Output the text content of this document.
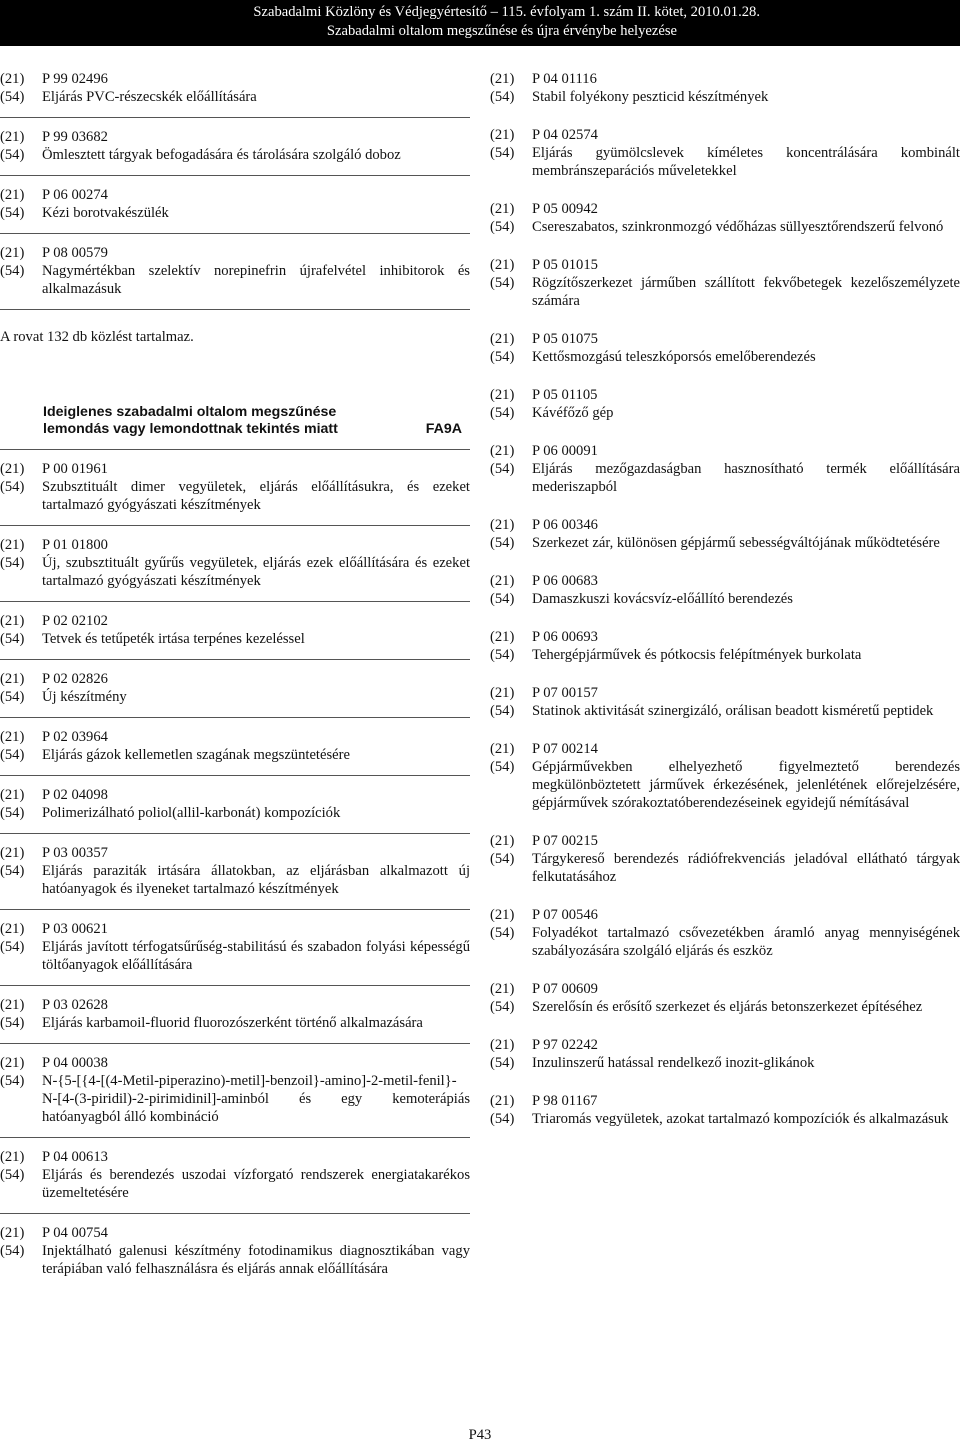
Szabadalmi Közlöny és Védjegyértesítő – 115. évfolyam 1. szám II. kötet, 2010.01.28.
Szabadalmi oltalom megszűnése és újra érvénybe helyezése
(21)	P 99 02496
(54)	Eljárás PVC-részecskék előállítására
(21)	P 99 03682
(54)	Ömlesztett tárgyak befogadására és tárolására szolgáló doboz
(21)	P 06 00274
(54)	Kézi borotvakészülék
(21)	P 08 00579
(54)	Nagymértékban szelektív norepinefrin újrafelvétel inhibitorok és alkalmazásuk
A rovat 132 db közlést tartalmaz.
Ideiglenes szabadalmi oltalom megszűnése
lemondás vagy lemondottnak tekintés miatt	FA9A
(21)	P 00 01961
(54)	Szubsztituált dimer vegyületek, eljárás előállításukra, és ezeket tartalmazó gyógyászati készítmények
(21)	P 01 01800
(54)	Új, szubsztituált gyűrűs vegyületek, eljárás ezek előállítására és ezeket tartalmazó gyógyászati készítmények
(21)	P 02 02102
(54)	Tetvek és tetűpeték irtása terpénes kezeléssel
(21)	P 02 02826
(54)	Új készítmény
(21)	P 02 03964
(54)	Eljárás gázok kellemetlen szagának megszüntetésére
(21)	P 02 04098
(54)	Polimerizálható poliol(allil-karbonát) kompozíciók
(21)	P 03 00357
(54)	Eljárás paraziták irtására állatokban, az eljárásban alkalmazott új hatóanyagok és ilyeneket tartalmazó készítmények
(21)	P 03 00621
(54)	Eljárás javított térfogatsűrűség-stabilitású és szabadon folyási képességű töltőanyagok előállítására
(21)	P 03 02628
(54)	Eljárás karbamoil-fluorid fluorozószerként történő alkalmazására
(21)	P 04 00038
(54)	N-{5-[{4-[(4-Metil-piperazino)-metil]-benzoil}-amino]-2-metil-fenil}-N-[4-(3-piridil)-2-pirimidinil]-aminból és egy kemoterápiás hatóanyagból álló kombináció
(21)	P 04 00613
(54)	Eljárás és berendezés uszodai vízforgató rendszerek energiatakarékos üzemeltetésére
(21)	P 04 00754
(54)	Injektálható galenusi készítmény fotodinamikus diagnosztikában vagy terápiában való felhasználásra és eljárás annak előállítására
(21)	P 04 01116
(54)	Stabil folyékony peszticid készítmények
(21)	P 04 02574
(54)	Eljárás gyümölcslevek kíméletes koncentrálására kombinált membránszeparációs műveletekkel
(21)	P 05 00942
(54)	Csereszabatos, szinkronmozgó védőházas süllyesztőrendszerű felvonó
(21)	P 05 01015
(54)	Rögzítőszerkezet járműben szállított fekvőbetegek kezelőszemélyzete számára
(21)	P 05 01075
(54)	Kettősmozgású teleszkóporsós emelőberendezés
(21)	P 05 01105
(54)	Kávéfőző gép
(21)	P 06 00091
(54)	Eljárás mezőgazdaságban hasznosítható termék előállítására mederiszapból
(21)	P 06 00346
(54)	Szerkezet zár, különösen gépjármű sebességváltójának működtetésére
(21)	P 06 00683
(54)	Damaszkuszi kovácsvíz-előállító berendezés
(21)	P 06 00693
(54)	Tehergépjárművek és pótkocsis felépítmények burkolata
(21)	P 07 00157
(54)	Statinok aktivitását szinergizáló, orálisan beadott kisméretű peptidek
(21)	P 07 00214
(54)	Gépjárművekben elhelyezhető figyelmeztető berendezés megkülönböztetett járművek érkezésének, jelenlétének előrejelzésére, gépjárművek szórakoztatóberendezéseinek egyidejű némításával
(21)	P 07 00215
(54)	Tárgykereső berendezés rádiófrekvenciás jeladóval ellátható tárgyak felkutatásához
(21)	P 07 00546
(54)	Folyadékot tartalmazó csővezetékben áramló anyag mennyiségének szabályozására szolgáló eljárás és eszköz
(21)	P 07 00609
(54)	Szerelősín és erősítő szerkezet és eljárás betonszerkezet építéséhez
(21)	P 97 02242
(54)	Inzulinszerű hatással rendelkező inozit-glikánok
(21)	P 98 01167
(54)	Triaromás vegyületek, azokat tartalmazó kompozíciók és alkalmazásuk
P43
